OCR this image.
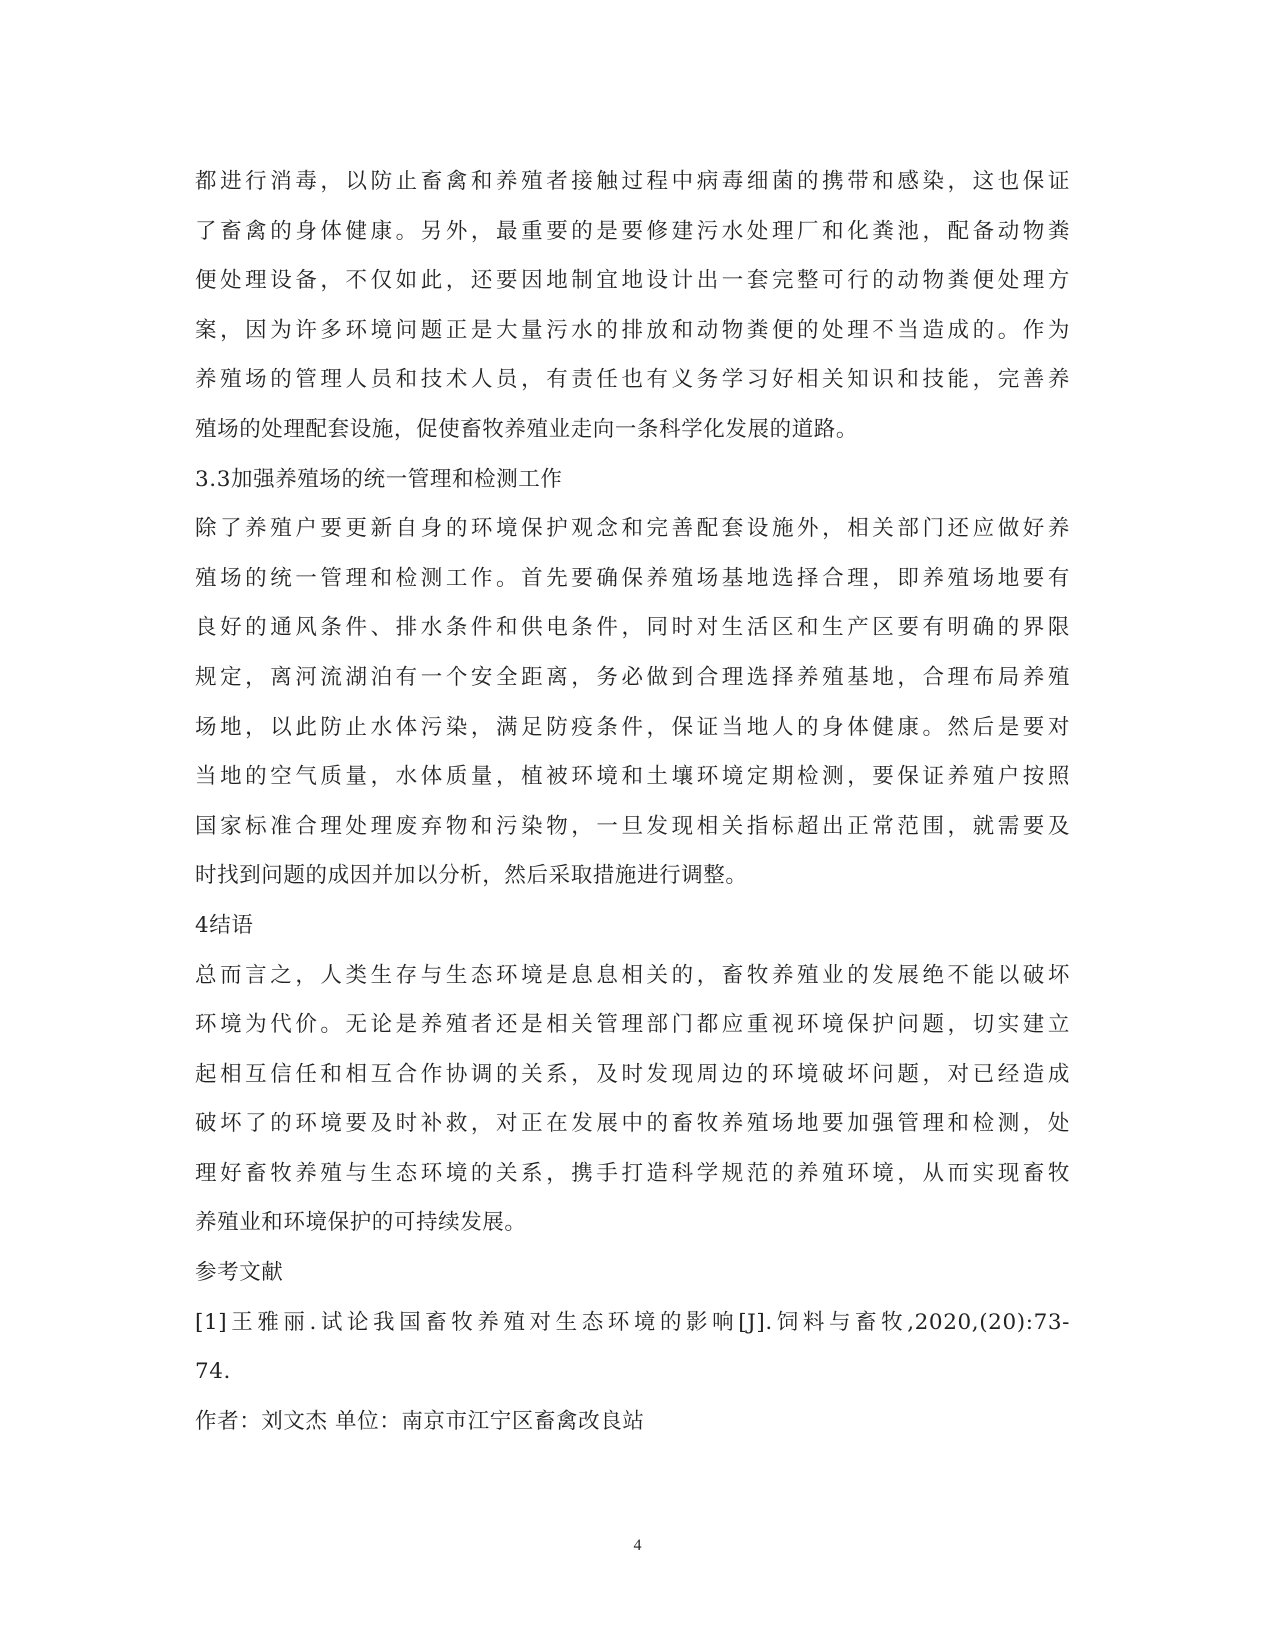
都进行消毒，以防止畜禽和养殖者接触过程中病毒细菌的携带和感染，这也保证
了畜禽的身体健康。另外，最重要的是要修建污水处理厂和化粪池，配备动物粪
便处理设备，不仅如此，还要因地制宜地设计出一套完整可行的动物粪便处理方
案，因为许多环境问题正是大量污水的排放和动物粪便的处理不当造成的。作为
养殖场的管理人员和技术人员，有责任也有义务学习好相关知识和技能，完善养
殖场的处理配套设施，促使畜牧养殖业走向一条科学化发展的道路。
3.3加强养殖场的统一管理和检测工作
除了养殖户要更新自身的环境保护观念和完善配套设施外，相关部门还应做好养
殖场的统一管理和检测工作。首先要确保养殖场基地选择合理，即养殖场地要有
良好的通风条件、排水条件和供电条件，同时对生活区和生产区要有明确的界限
规定，离河流湖泊有一个安全距离，务必做到合理选择养殖基地，合理布局养殖
场地，以此防止水体污染，满足防疫条件，保证当地人的身体健康。然后是要对
当地的空气质量，水体质量，植被环境和土壤环境定期检测，要保证养殖户按照
国家标准合理处理废弃物和污染物，一旦发现相关指标超出正常范围，就需要及
时找到问题的成因并加以分析，然后采取措施进行调整。
4结语
总而言之，人类生存与生态环境是息息相关的，畜牧养殖业的发展绝不能以破坏
环境为代价。无论是养殖者还是相关管理部门都应重视环境保护问题，切实建立
起相互信任和相互合作协调的关系，及时发现周边的环境破坏问题，对已经造成
破坏了的环境要及时补救，对正在发展中的畜牧养殖场地要加强管理和检测，处
理好畜牧养殖与生态环境的关系，携手打造科学规范的养殖环境，从而实现畜牧
养殖业和环境保护的可持续发展。
参考文献
[1]王雅丽.试论我国畜牧养殖对生态环境的影响[J].饲料与畜牧,2020,(20):73-
74.
作者：刘文杰 单位：南京市江宁区畜禽改良站
4
